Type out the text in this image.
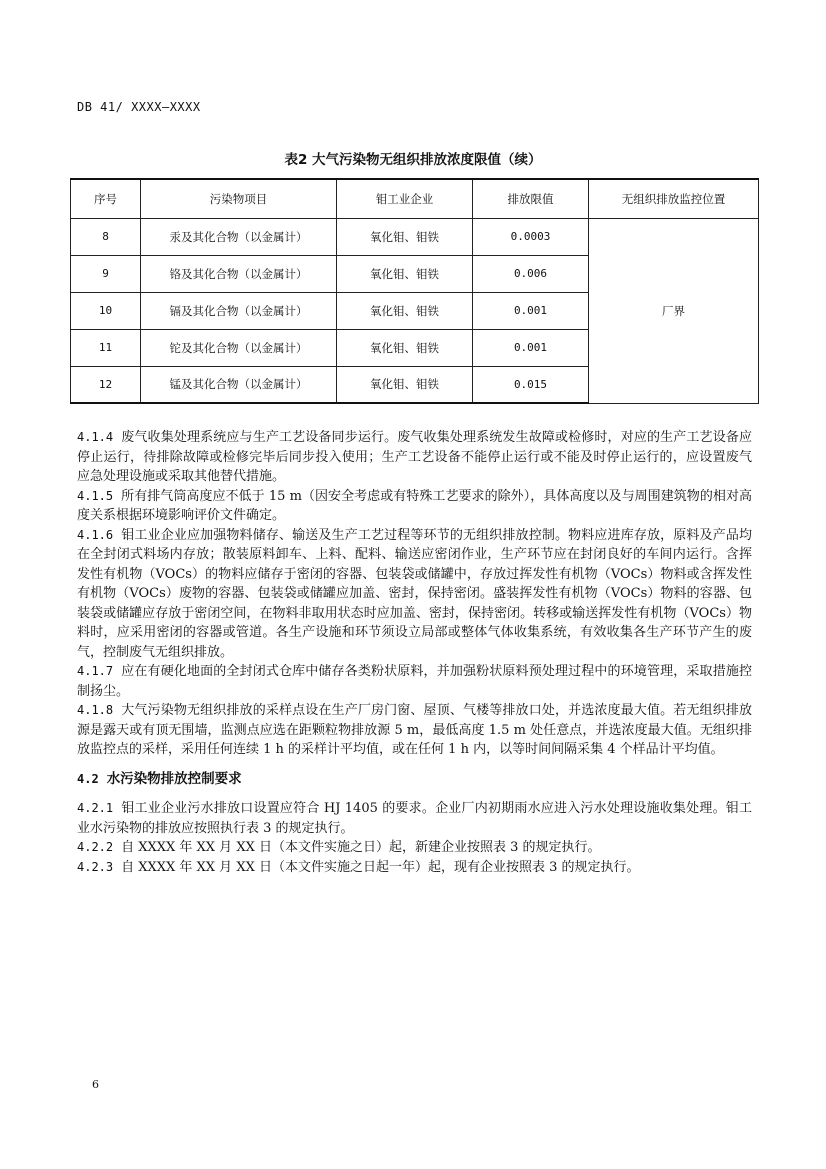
DB 41/ XXXX—XXXX
表2 大气污染物无组织排放浓度限值（续）
序号	污染物项目	钼工业企业	排放限值	无组织排放监控位置
8	汞及其化合物（以金属计）	氧化钼、钼铁	0.0003	厂界
9	铬及其化合物（以金属计）	氧化钼、钼铁	0.006	
10	镉及其化合物（以金属计）	氧化钼、钼铁	0.001	
11	铊及其化合物（以金属计）	氧化钼、钼铁	0.001	
12	锰及其化合物（以金属计）	氧化钼、钼铁	0.015	

4.1.4 废气收集处理系统应与生产工艺设备同步运行。废气收集处理系统发生故障或检修时，对应的生产工艺设备应停止运行，待排除故障或检修完毕后同步投入使用；生产工艺设备不能停止运行或不能及时停止运行的，应设置废气应急处理设施或采取其他替代措施。

4.1.5 所有排气筒高度应不低于 15 m（因安全考虑或有特殊工艺要求的除外），具体高度以及与周围建筑物的相对高度关系根据环境影响评价文件确定。

4.1.6 钼工业企业应加强物料储存、输送及生产工艺过程等环节的无组织排放控制。物料应进库存放，原料及产品均在全封闭式料场内存放；散装原料卸车、上料、配料、输送应密闭作业，生产环节应在封闭良好的车间内运行。含挥发性有机物（VOCs）的物料应储存于密闭的容器、包装袋或储罐中，存放过挥发性有机物（VOCs）物料或含挥发性有机物（VOCs）废物的容器、包装袋或储罐应加盖、密封，保持密闭。盛装挥发性有机物（VOCs）物料的容器、包装袋或储罐应存放于密闭空间，在物料非取用状态时应加盖、密封，保持密闭。转移或输送挥发性有机物（VOCs）物料时，应采用密闭的容器或管道。各生产设施和环节须设立局部或整体气体收集系统，有效收集各生产环节产生的废气，控制废气无组织排放。

4.1.7 应在有硬化地面的全封闭式仓库中储存各类粉状原料，并加强粉状原料预处理过程中的环境管理，采取措施控制扬尘。

4.1.8 大气污染物无组织排放的采样点设在生产厂房门窗、屋顶、气楼等排放口处，并选浓度最大值。若无组织排放源是露天或有顶无围墙，监测点应选在距颗粒物排放源 5 m，最低高度 1.5 m 处任意点，并选浓度最大值。无组织排放监控点的采样，采用任何连续 1 h 的采样计平均值，或在任何 1 h 内，以等时间间隔采集 4 个样品计平均值。

4.2 水污染物排放控制要求

4.2.1 钼工业企业污水排放口设置应符合 HJ 1405 的要求。企业厂内初期雨水应进入污水处理设施收集处理。钼工业水污染物的排放应按照执行表 3 的规定执行。

4.2.2 自 XXXX 年 XX 月 XX 日（本文件实施之日）起，新建企业按照表 3 的规定执行。

4.2.3 自 XXXX 年 XX 月 XX 日（本文件实施之日起一年）起，现有企业按照表 3 的规定执行。

6
